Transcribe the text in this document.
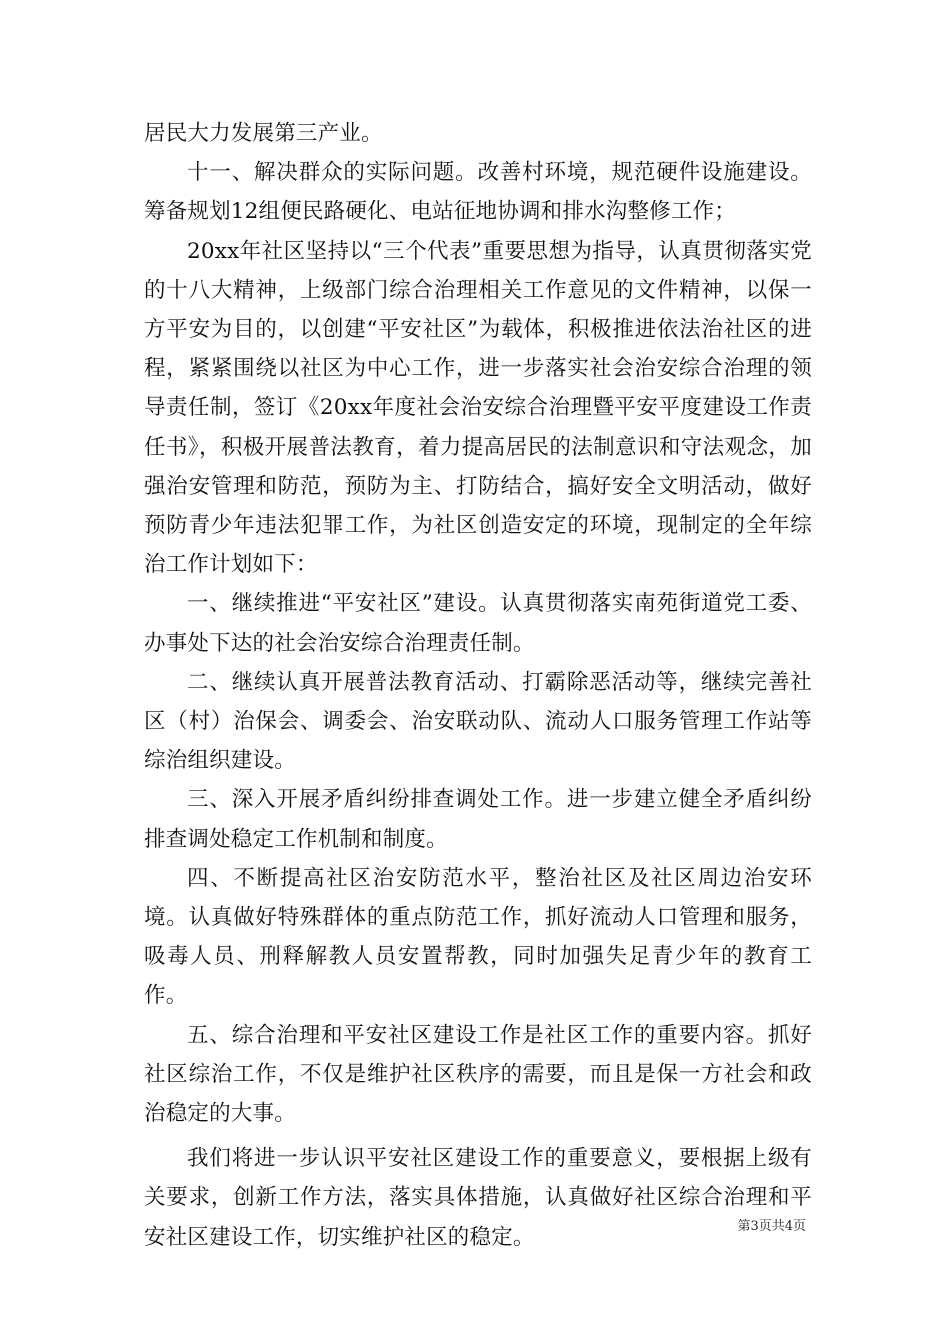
居民大力发展第三产业。

十一、解决群众的实际问题。改善村环境，规范硬件设施建设。筹备规划12组便民路硬化、电站征地协调和排水沟整修工作；

20xx年社区坚持以“三个代表”重要思想为指导，认真贯彻落实党的十八大精神，上级部门综合治理相关工作意见的文件精神，以保一方平安为目的，以创建“平安社区”为载体，积极推进依法治社区的进程，紧紧围绕以社区为中心工作，进一步落实社会治安综合治理的领导责任制，签订《20xx年度社会治安综合治理暨平安平度建设工作责任书》，积极开展普法教育，着力提高居民的法制意识和守法观念，加强治安管理和防范，预防为主、打防结合，搞好安全文明活动，做好预防青少年违法犯罪工作，为社区创造安定的环境，现制定的全年综治工作计划如下：

一、继续推进“平安社区”建设。认真贯彻落实南苑街道党工委、办事处下达的社会治安综合治理责任制。

二、继续认真开展普法教育活动、打霸除恶活动等，继续完善社区（村）治保会、调委会、治安联动队、流动人口服务管理工作站等综治组织建设。

三、深入开展矛盾纠纷排查调处工作。进一步建立健全矛盾纠纷排查调处稳定工作机制和制度。

四、不断提高社区治安防范水平，整治社区及社区周边治安环境。认真做好特殊群体的重点防范工作，抓好流动人口管理和服务，吸毒人员、刑释解教人员安置帮教，同时加强失足青少年的教育工作。

五、综合治理和平安社区建设工作是社区工作的重要内容。抓好社区综治工作，不仅是维护社区秩序的需要，而且是保一方社会和政治稳定的大事。

我们将进一步认识平安社区建设工作的重要意义，要根据上级有关要求，创新工作方法，落实具体措施，认真做好社区综合治理和平安社区建设工作，切实维护社区的稳定。	第3页共4页
